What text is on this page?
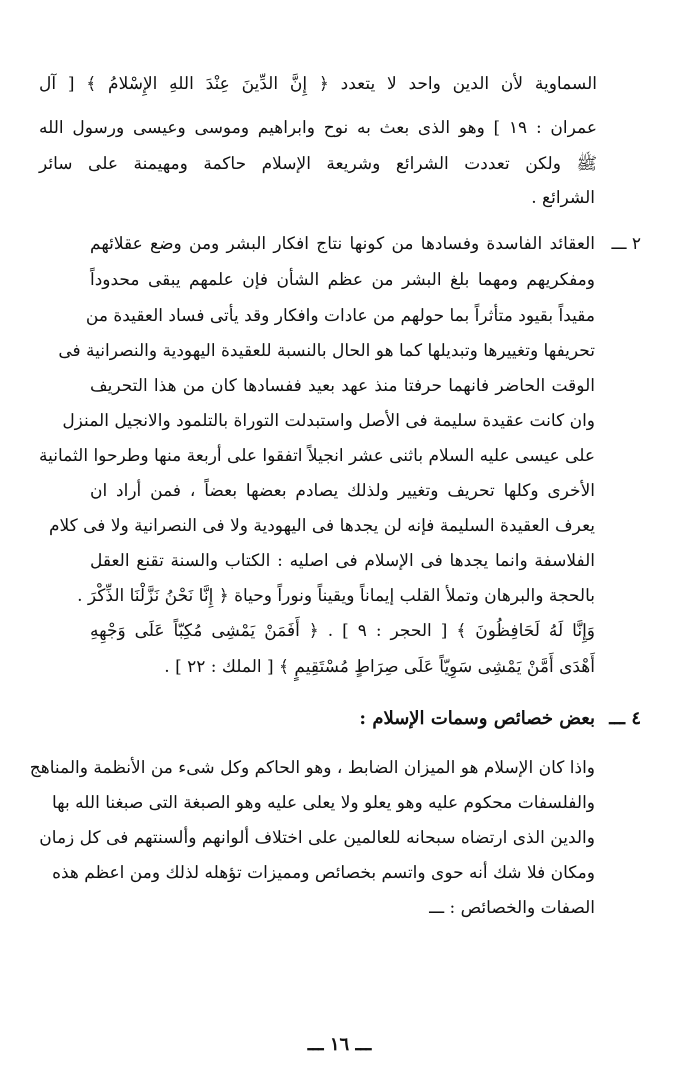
السماوية لأن الدين واحد لا يتعدد ﴿ إِنَّ الدِّينَ عِنْدَ اللهِ الإِسْلامُ ﴾ [ آل
عمران : ١٩ ] وهو الذى بعث به نوح وابراهيم وموسى وعيسى ورسول الله
ﷺ ولكن تعددت الشرائع وشريعة الإسلام حاكمة ومهيمنة على سائر
الشرائع .
٢ ـــ
العقائد الفاسدة وفسادها من كونها نتاج افكار البشر ومن وضع عقلائهم
ومفكريهم ومهما بلغ البشر من عظم الشأن فإن علمهم يبقى محدوداً
مقيداً بقيود متأثراً بما حولهم من عادات وافكار وقد يأتى فساد العقيدة من
تحريفها وتغييرها وتبديلها كما هو الحال بالنسبة للعقيدة اليهودية والنصرانية فى
الوقت الحاضر فانهما حرفتا منذ عهد بعيد ففسادها كان من هذا التحريف
وان كانت عقيدة سليمة فى الأصل واستبدلت التوراة بالتلمود والانجيل المنزل
على عيسى عليه السلام باثنى عشر انجيلاً اتفقوا على أربعة منها وطرحوا الثمانية
الأخرى وكلها تحريف وتغيير ولذلك يصادم بعضها بعضاً ، فمن أراد ان
يعرف العقيدة السليمة فإنه لن يجدها فى اليهودية ولا فى النصرانية ولا فى كلام
الفلاسفة وانما يجدها فى الإسلام فى اصليه : الكتاب والسنة تقنع العقل
بالحجة والبرهان وتملأ القلب إيماناً ويقيناً ونوراً وحياة ﴿ إِنَّا نَحْنُ نَزَّلْنَا الذِّكْرَ .
وَإِنَّا لَهُ لَحَافِظُونَ ﴾ [ الحجر : ٩ ] . ﴿ أَفَمَنْ يَمْشِى مُكِبّاً عَلَى وَجْهِهِ
أَهْدَى أَمَّنْ يَمْشِى سَوِيّاً عَلَى صِرَاطٍ مُسْتَقِيمٍ ﴾ [ الملك : ٢٢ ] .
٤ ـــ
بعض خصائص وسمات الإسلام :
واذا كان الإسلام هو الميزان الضابط ، وهو الحاكم وكل شىء من الأنظمة والمناهج
والفلسفات محكوم عليه وهو يعلو ولا يعلى عليه وهو الصبغة التى صبغنا الله بها
والدين الذى ارتضاه سبحانه للعالمين على اختلاف ألوانهم وألسنتهم فى كل زمان
ومكان فلا شك أنه حوى واتسم بخصائص ومميزات تؤهله لذلك ومن اعظم هذه
الصفات والخصائص : ـــ
ـــ ١٦ ـــ
